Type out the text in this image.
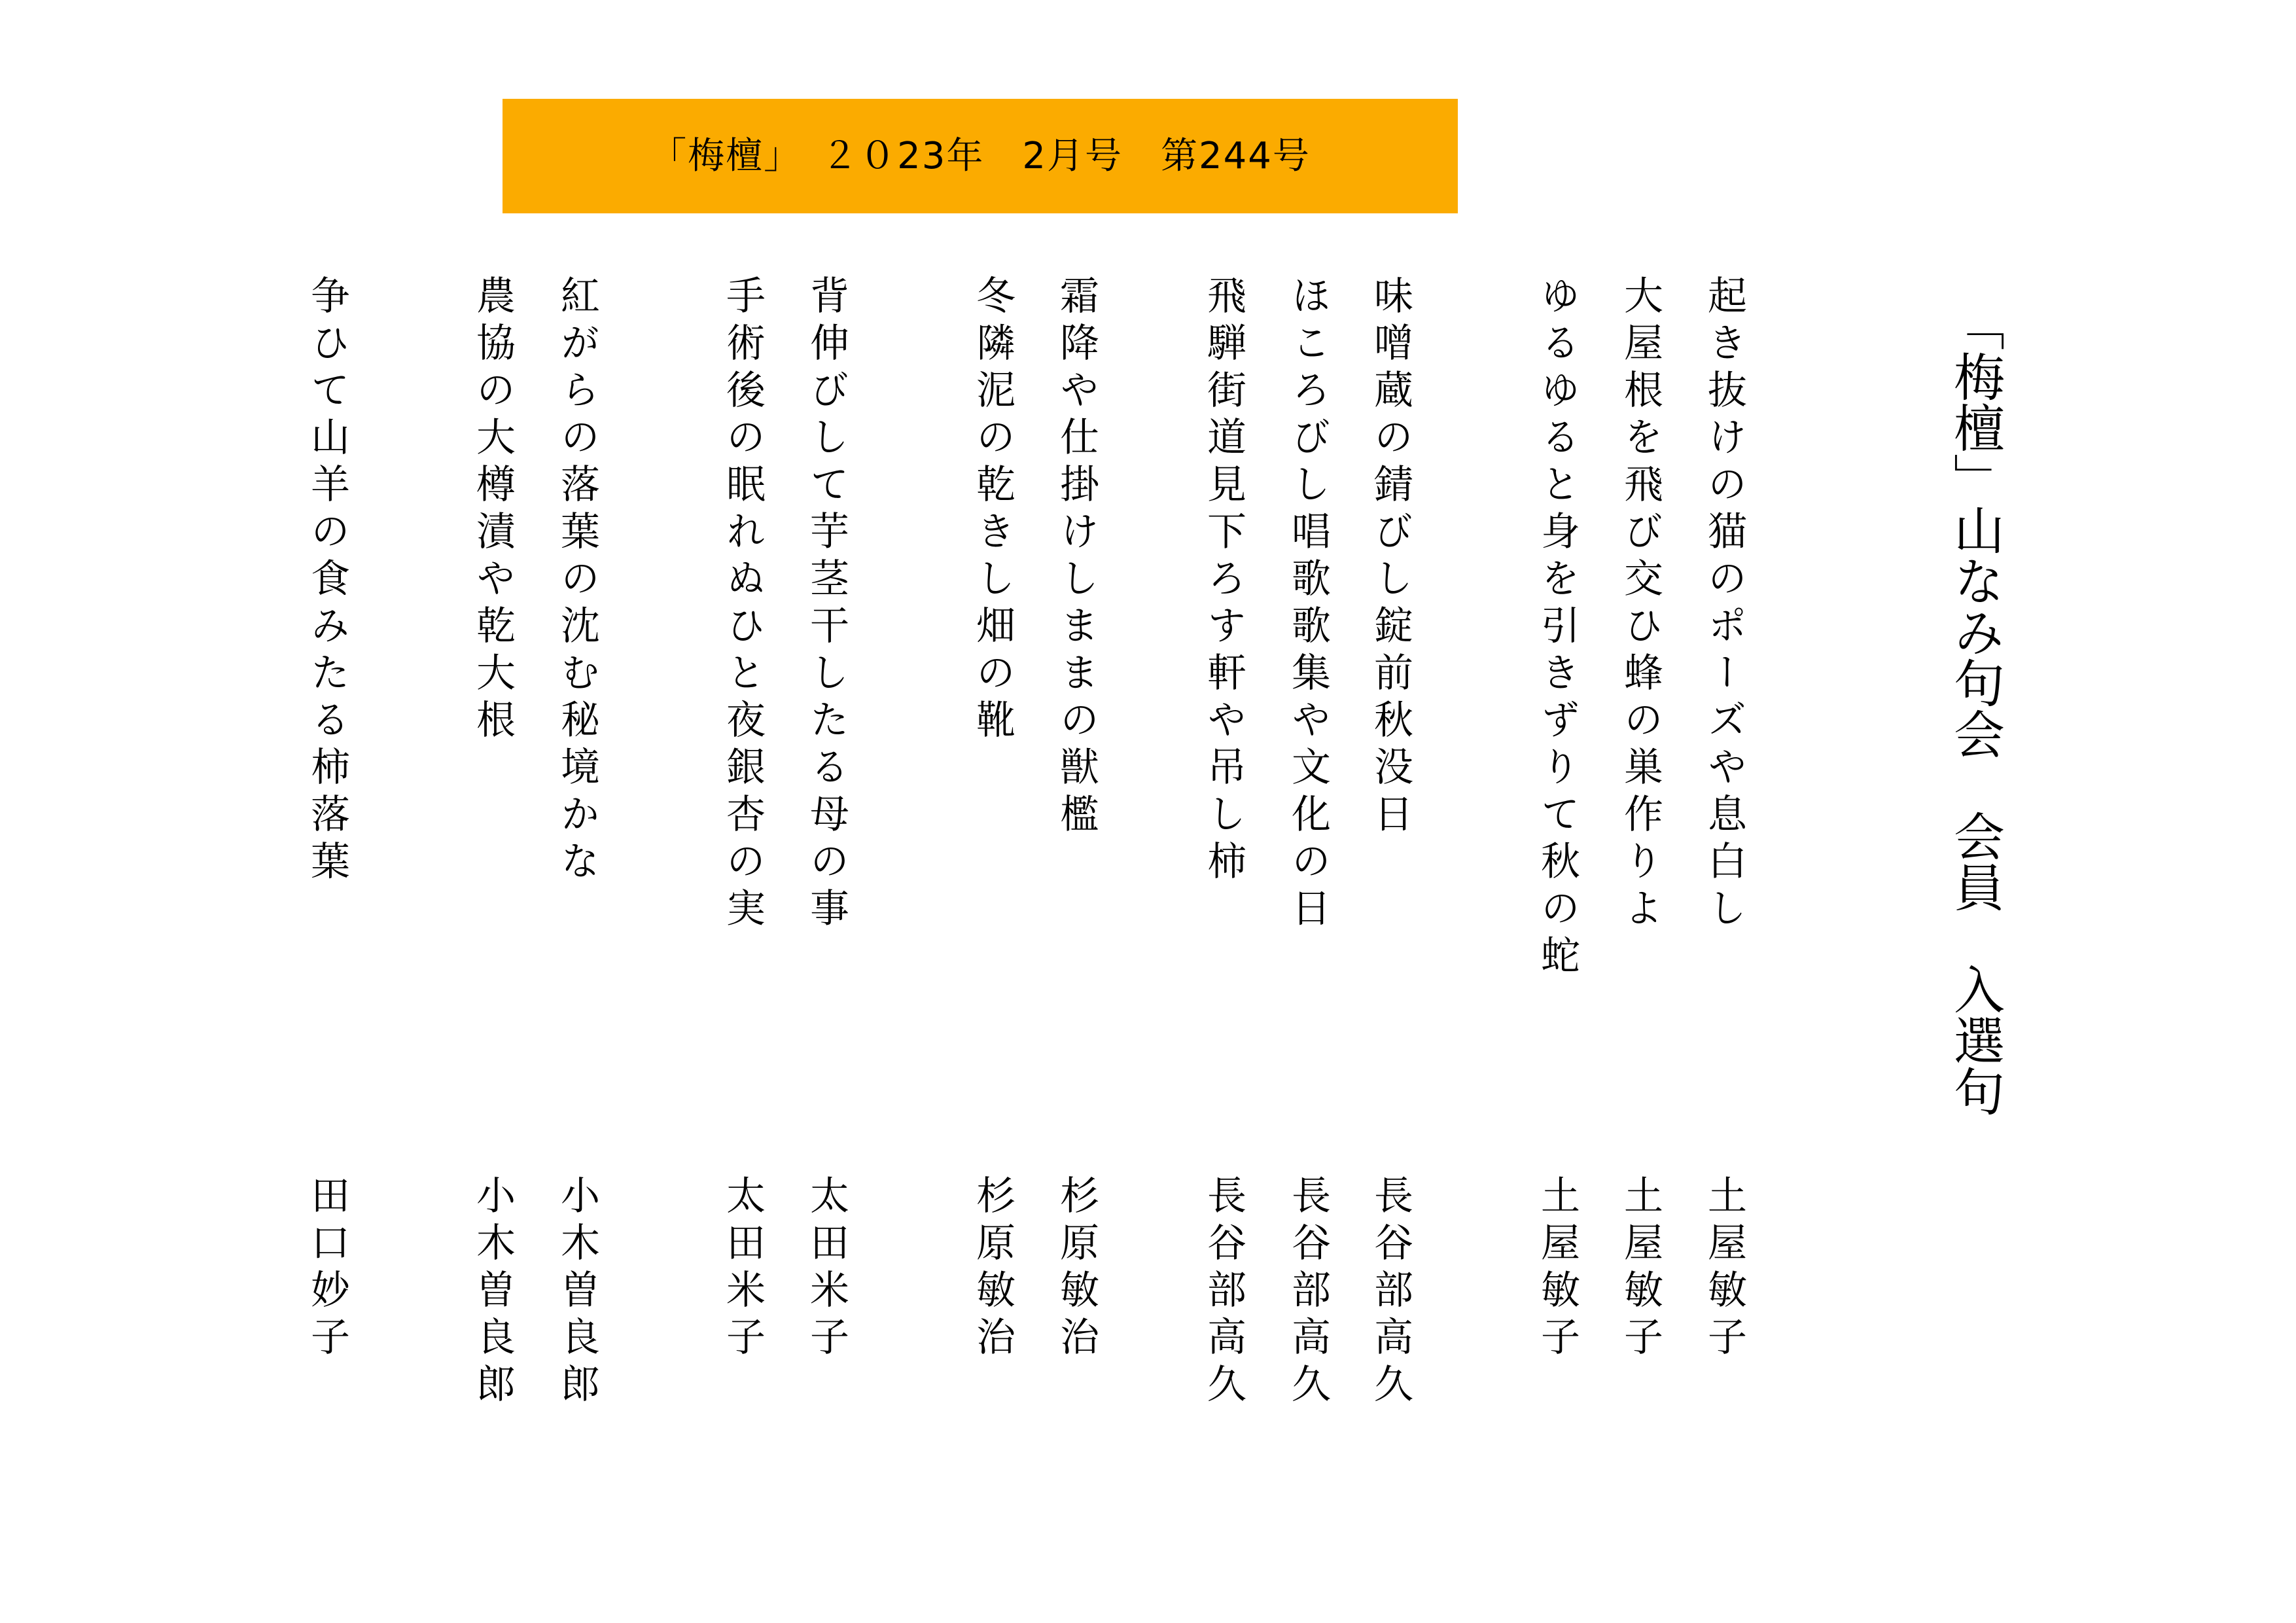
「梅檀」　２０23年　2月号　第244号
「梅檀」山なみ句会　会員　入選句
起き抜けの猫のポーズや息白し
土屋敏子
大屋根を飛び交ひ蜂の巣作りよ
土屋敏子
ゆるゆると身を引きずりて秋の蛇
土屋敏子
味噌蔵の錆びし錠前秋没日
長谷部高久
ほころびし唱歌歌集や文化の日
長谷部高久
飛騨街道見下ろす軒や吊し柿
長谷部高久
霜降や仕掛けしままの獣檻
杉原敏治
冬隣泥の乾きし畑の靴
杉原敏治
背伸びして芋茎干したる母の事
太田米子
手術後の眠れぬひと夜銀杏の実
太田米子
紅がらの落葉の沈む秘境かな
小木曽良郎
農協の大樽漬や乾大根
小木曽良郎
争ひて山羊の食みたる柿落葉
田口妙子
